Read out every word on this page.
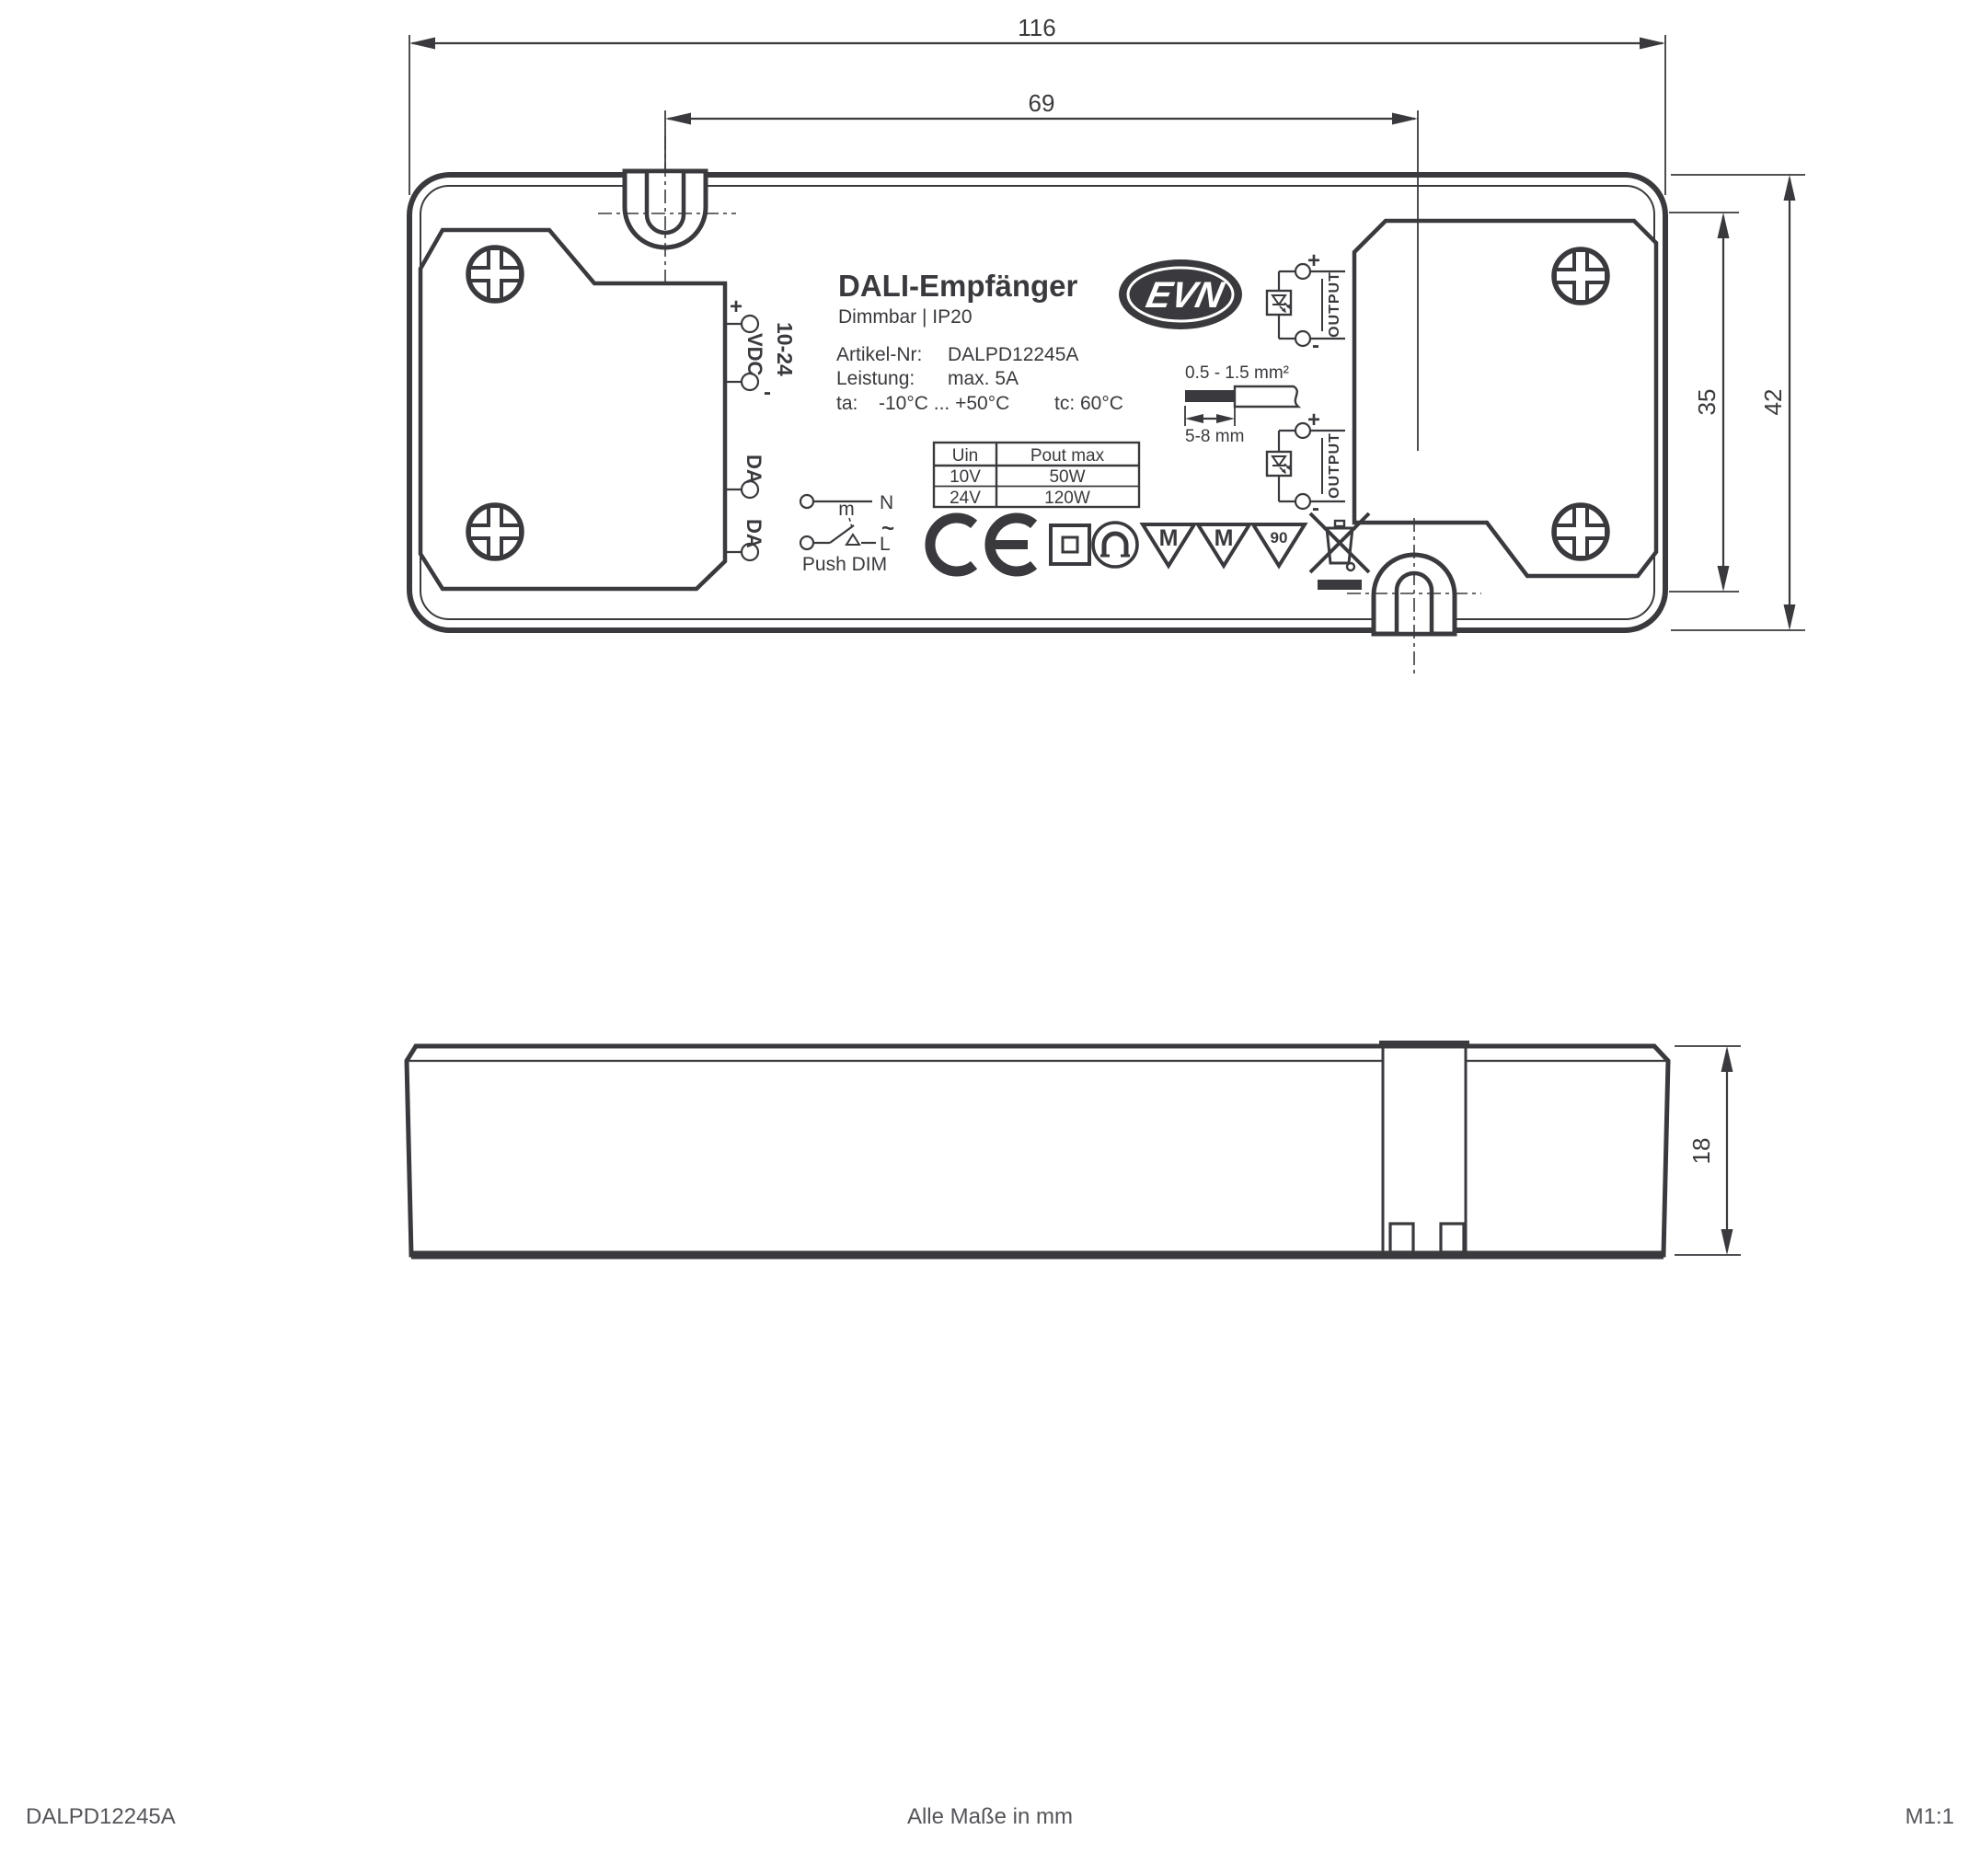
DALI-Empfänger
Dimmbar | IP20
Artikel-Nr: DALPD12245A
Leistung: max. 5A
ta: -10°C ... +50°C tc: 60°C
EVN
Uin	Pout max
10V	50W
24V	120W
+
VDC
-
10-24
DA
DA
N
m
L
~
Push DIM
0.5 - 1.5 mm²
5-8 mm
+
OUTPUT
-
+
OUTPUT
-
M M 90
116
69
35 42
18
DALPD12245A	Alle Maße in mm	M1:1
